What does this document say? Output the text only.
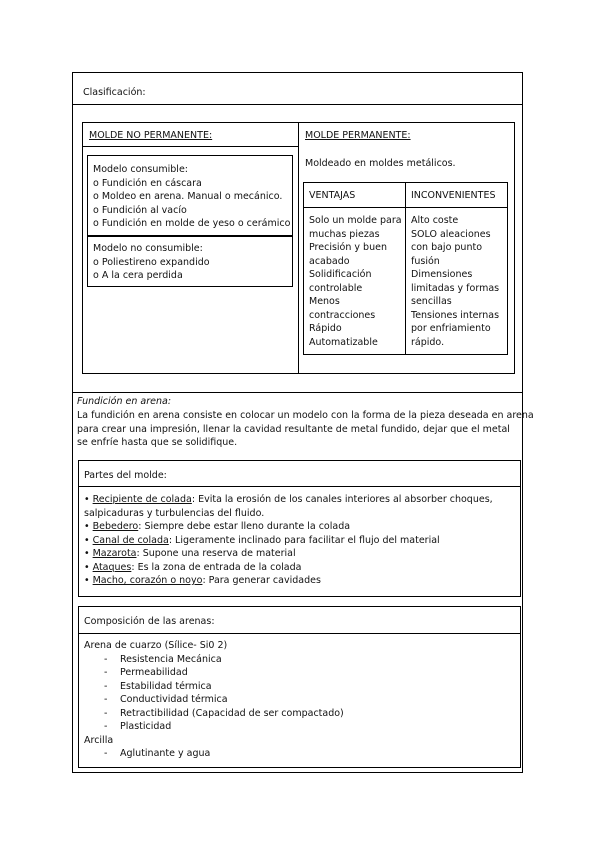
Clasificación:
MOLDE NO PERMANENTE:
Modelo consumible:
o Fundición en cáscara
o Moldeo en arena. Manual o mecánico.
o Fundición al vacío
o Fundición en molde de yeso o cerámico
Modelo no consumible:
o Poliestireno expandido
o A la cera perdida
MOLDE PERMANENTE:
Moldeado en moldes metálicos.
VENTAJAS	INCONVENIENTES
Solo un molde para
muchas piezas
Precisión y buen
acabado
Solidificación
controlable
Menos
contracciones
Rápido
Automatizable
Alto coste
SOLO aleaciones
con bajo punto
fusión
Dimensiones
limitadas y formas
sencillas
Tensiones internas
por enfriamiento
rápido.
Fundición en arena:
La fundición en arena consiste en colocar un modelo con la forma de la pieza deseada en arena
para crear una impresión, llenar la cavidad resultante de metal fundido, dejar que el metal
se enfríe hasta que se solidifique.
Partes del molde:
• Recipiente de colada: Evita la erosión de los canales interiores al absorber choques,
salpicaduras y turbulencias del fluido.
• Bebedero: Siempre debe estar lleno durante la colada
• Canal de colada: Ligeramente inclinado para facilitar el flujo del material
• Mazarota: Supone una reserva de material
• Ataques: Es la zona de entrada de la colada
• Macho, corazón o noyo: Para generar cavidades
Composición de las arenas:
Arena de cuarzo (Sílice- Si0 2)
- Resistencia Mecánica
- Permeabilidad
- Estabilidad térmica
- Conductividad térmica
- Retractibilidad (Capacidad de ser compactado)
- Plasticidad
Arcilla
- Aglutinante y agua
